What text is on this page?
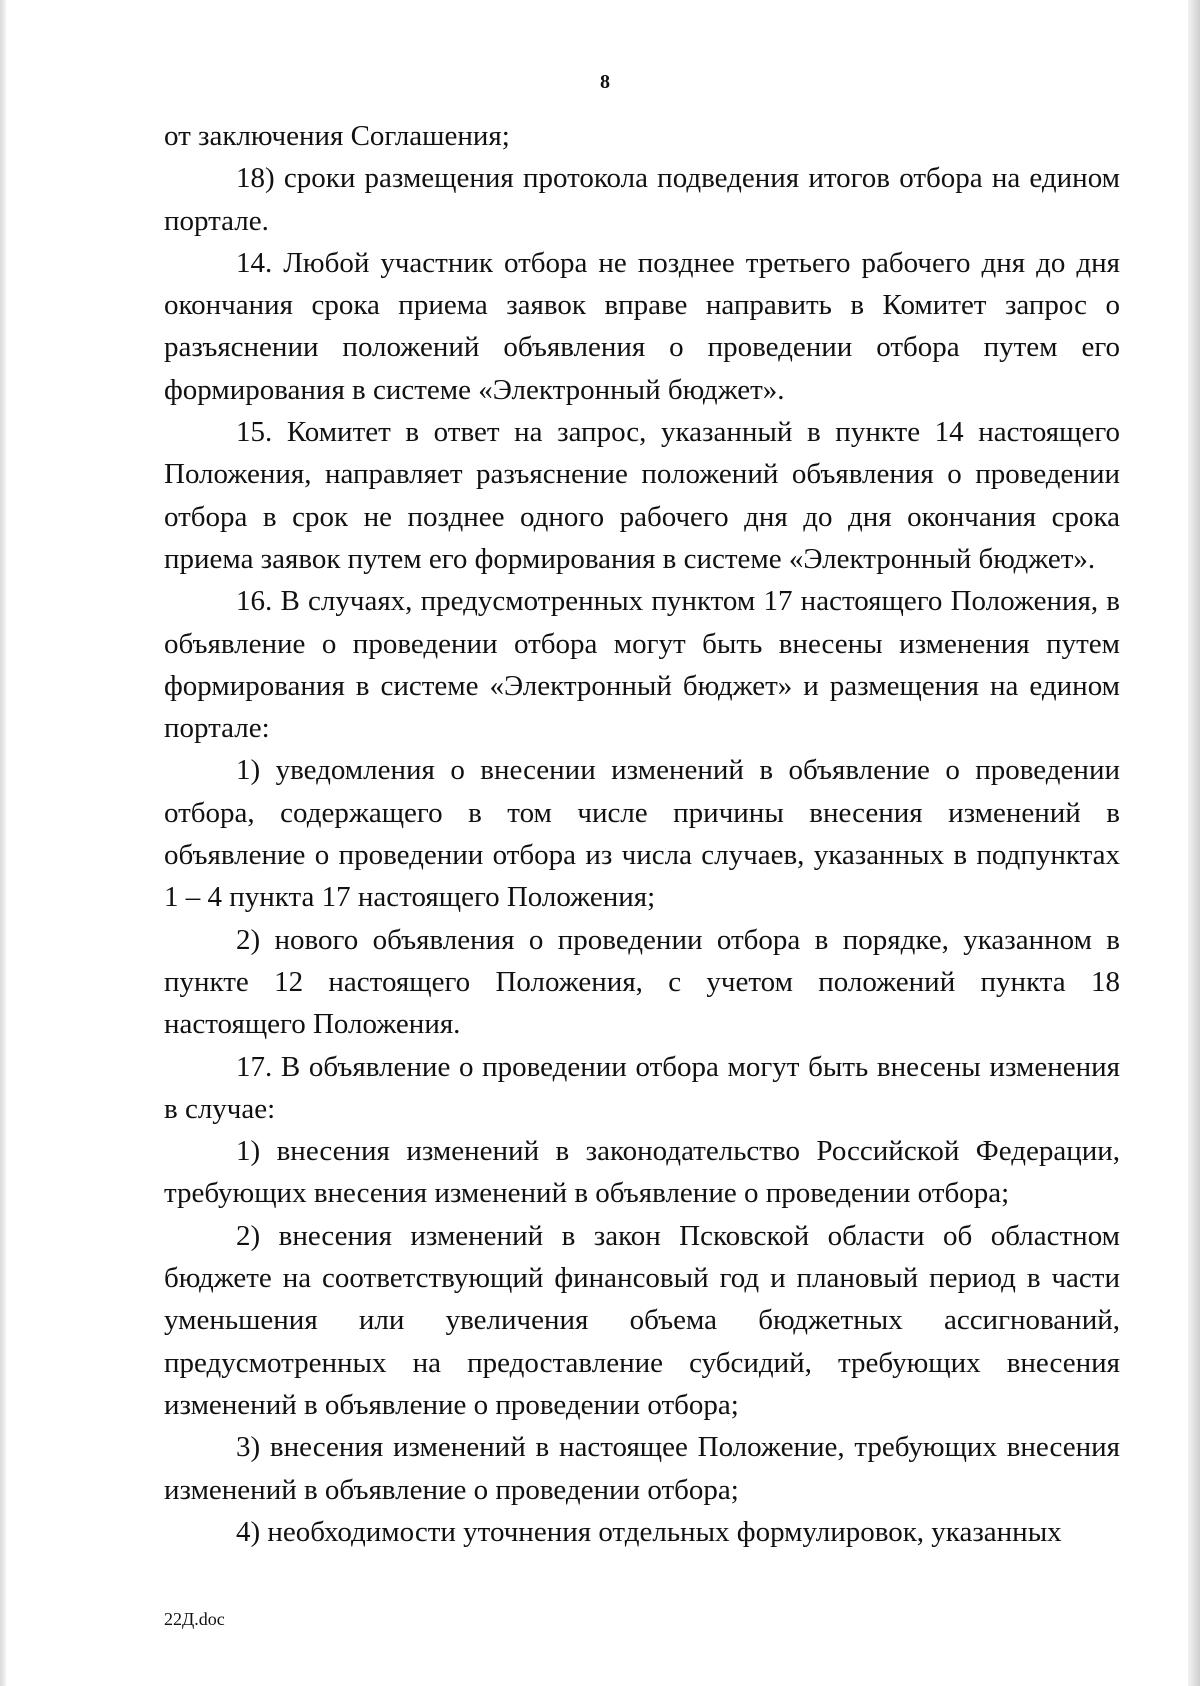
8

от заключения Соглашения;

18) сроки размещения протокола подведения итогов отбора на едином портале.

14. Любой участник отбора не позднее третьего рабочего дня до дня окончания срока приема заявок вправе направить в Комитет запрос о разъяснении положений объявления о проведении отбора путем его формирования в системе «Электронный бюджет».

15. Комитет в ответ на запрос, указанный в пункте 14 настоящего Положения, направляет разъяснение положений объявления о проведении отбора в срок не позднее одного рабочего дня до дня окончания срока приема заявок путем его формирования в системе «Электронный бюджет».

16. В случаях, предусмотренных пунктом 17 настоящего Положения, в объявление о проведении отбора могут быть внесены изменения путем формирования в системе «Электронный бюджет» и размещения на едином портале:

1) уведомления о внесении изменений в объявление о проведении отбора, содержащего в том числе причины внесения изменений в объявление о проведении отбора из числа случаев, указанных в подпунктах 1 – 4 пункта 17 настоящего Положения;

2) нового объявления о проведении отбора в порядке, указанном в пункте 12 настоящего Положения, с учетом положений пункта 18 настоящего Положения.

17. В объявление о проведении отбора могут быть внесены изменения в случае:

1) внесения изменений в законодательство Российской Федерации, требующих внесения изменений в объявление о проведении отбора;

2) внесения изменений в закон Псковской области об областном бюджете на соответствующий финансовый год и плановый период в части уменьшения или увеличения объема бюджетных ассигнований, предусмотренных на предоставление субсидий, требующих внесения изменений в объявление о проведении отбора;

3) внесения изменений в настоящее Положение, требующих внесения изменений в объявление о проведении отбора;

4) необходимости уточнения отдельных формулировок, указанных

22Д.doc
